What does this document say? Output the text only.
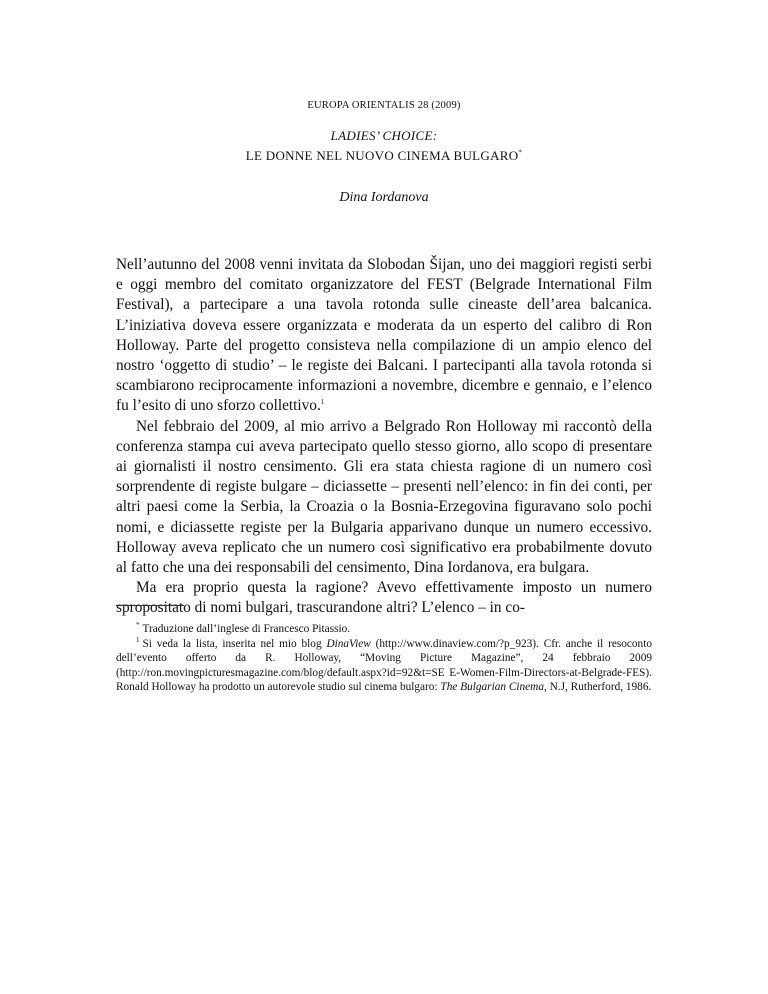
EUROPA ORIENTALIS 28 (2009)
LADIES’ CHOICE:
LE DONNE NEL NUOVO CINEMA BULGARO*
Dina Iordanova

Nell’autunno del 2008 venni invitata da Slobodan Šijan, uno dei maggiori registi serbi e oggi membro del comitato organizzatore del FEST (Belgrade International Film Festival), a partecipare a una tavola rotonda sulle cineaste dell’area balcanica. L’iniziativa doveva essere organizzata e moderata da un esperto del calibro di Ron Holloway. Parte del progetto consisteva nella compilazione di un ampio elenco del nostro ‘oggetto di studio’ – le registe dei Balcani. I partecipanti alla tavola rotonda si scambiarono reciprocamente informazioni a novembre, dicembre e gennaio, e l’elenco fu l’esito di uno sforzo collettivo.$^1$

Nel febbraio del 2009, al mio arrivo a Belgrado Ron Holloway mi raccontò della conferenza stampa cui aveva partecipato quello stesso giorno, allo scopo di presentare ai giornalisti il nostro censimento. Gli era stata chiesta ragione di un numero così sorprendente di registe bulgare – diciassette – presenti nell’elenco: in fin dei conti, per altri paesi come la Serbia, la Croazia o la Bosnia-Erzegovina figuravano solo pochi nomi, e diciassette registe per la Bulgaria apparivano dunque un numero eccessivo. Holloway aveva replicato che un numero così significativo era probabilmente dovuto al fatto che una dei responsabili del censimento, Dina Iordanova, era bulgara.

Ma era proprio questa la ragione? Avevo effettivamente imposto un numero spropositato di nomi bulgari, trascurandone altri? L’elenco – in co-

* Traduzione dall’inglese di Francesco Pitassio.

$^1$ Si veda la lista, inserita nel mio blog DinaView (http://www.dinaview.com/?p_923). Cfr. anche il resoconto dell’evento offerto da R. Holloway, “Moving Picture Magazine”, 24 febbraio 2009 (http://ron.movingpicturesmagazine.com/blog/default.aspx?id=92&t=SE E-Women-Film-Directors-at-Belgrade-FES). Ronald Holloway ha prodotto un autorevole studio sul cinema bulgaro: The Bulgarian Cinema, N.J, Rutherford, 1986.
